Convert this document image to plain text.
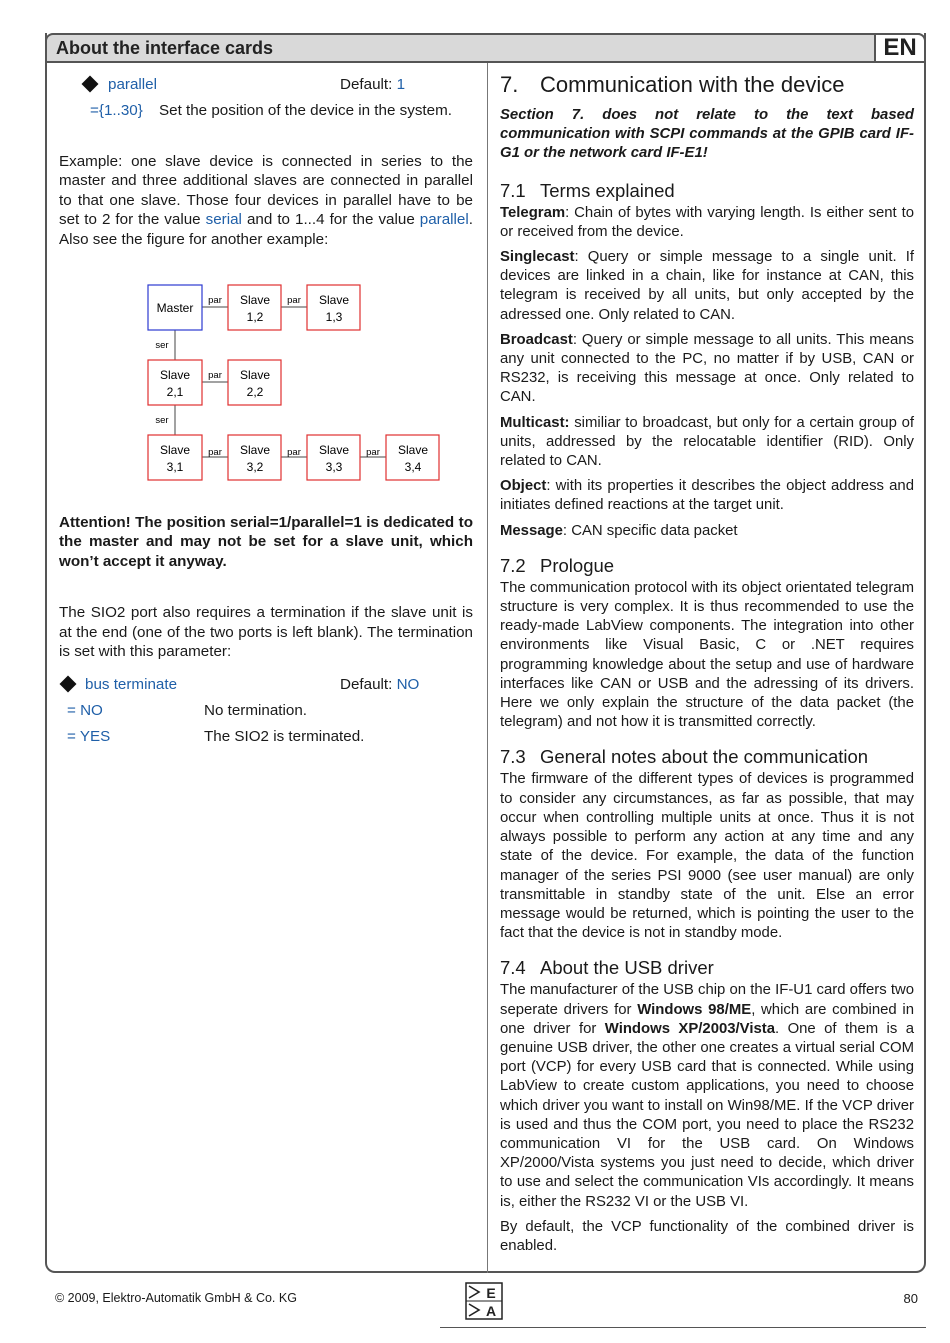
About the interface cards	EN
parallel	Default: 1
={1..30} Set the position of the device in the system.

Example: one slave device is connected in series to the master and three additional slaves are connected in parallel to that one slave. Those four devices in parallel have to be set to 2 for the value serial and to 1...4 for the value parallel. Also see the figure for another example:

Master
Slave
1,2
Slave
1,3
Slave
2,1
Slave
2,2
Slave
3,1
Slave
3,2
Slave
3,3
Slave
3,4
par	par
par
par	par	par
ser
ser

Attention! The position serial=1/parallel=1 is dedicated to the master and may not be set for a slave unit, which won’t accept it anyway.

The SIO2 port also requires a termination if the slave unit is at the end (one of the two ports is left blank). The termination is set with this parameter:

bus terminate	Default: NO
= NO	No termination.
= YES	The SIO2 is terminated.
7. Communication with the device

Section 7. does not relate to the text based communication with SCPI commands at the GPIB card IF-G1 or the network card IF-E1!

7.1 Terms explained

Telegram: Chain of bytes with varying length. Is either sent to or received from the device.

Singlecast: Query or simple message to a single unit. If devices are linked in a chain, like for instance at CAN, this telegram is received by all units, but only accepted by the adressed one. Only related to CAN.

Broadcast: Query or simple message to all units. This means any unit connected to the PC, no matter if by USB, CAN or RS232, is receiving this message at once. Only related to CAN.

Multicast: similiar to broadcast, but only for a certain group of units, addressed by the relocatable identifier (RID). Only related to CAN.

Object: with its properties it describes the object address and initiates defined reactions at the target unit.

Message: CAN specific data packet

7.2 Prologue

The communication protocol with its object orientated telegram structure is very complex. It is thus recommended to use the ready-made LabView components. The integration into other environments like Visual Basic, C or .NET requires programming knowledge about the setup and use of hardware interfaces like CAN or USB and the adressing of its drivers. Here we only explain the structure of the data packet (the telegram) and not how it is transmitted correctly.

7.3 General notes about the communication

The firmware of the different types of devices is programmed to consider any circumstances, as far as possible, that may occur when controlling multiple units at once. Thus it is not always possible to perform any action at any time and any state of the device. For example, the data of the function manager of the series PSI 9000 (see user manual) are only transmittable in standby state of the unit. Else an error message would be returned, which is pointing the user to the fact that the device is not in standby mode.

7.4 About the USB driver

The manufacturer of the USB chip on the IF-U1 card offers two seperate drivers for Windows 98/ME, which are combined in one driver for Windows XP/2003/Vista. One of them is a genuine USB driver, the other one creates a virtual serial COM port (VCP) for every USB card that is connected. While using LabView to create custom applications, you need to choose which driver you want to install on Win98/ME. If the VCP driver is used and thus the COM port, you need to place the RS232 communication VI for the USB card. On Windows XP/2000/Vista systems you just need to decide, which driver to use and select the communication VIs accordingly. It means is, either the RS232 VI or the USB VI.

By default, the VCP functionality of the combined driver is enabled.

© 2009, Elektro-Automatik GmbH & Co. KG	E
A
80
